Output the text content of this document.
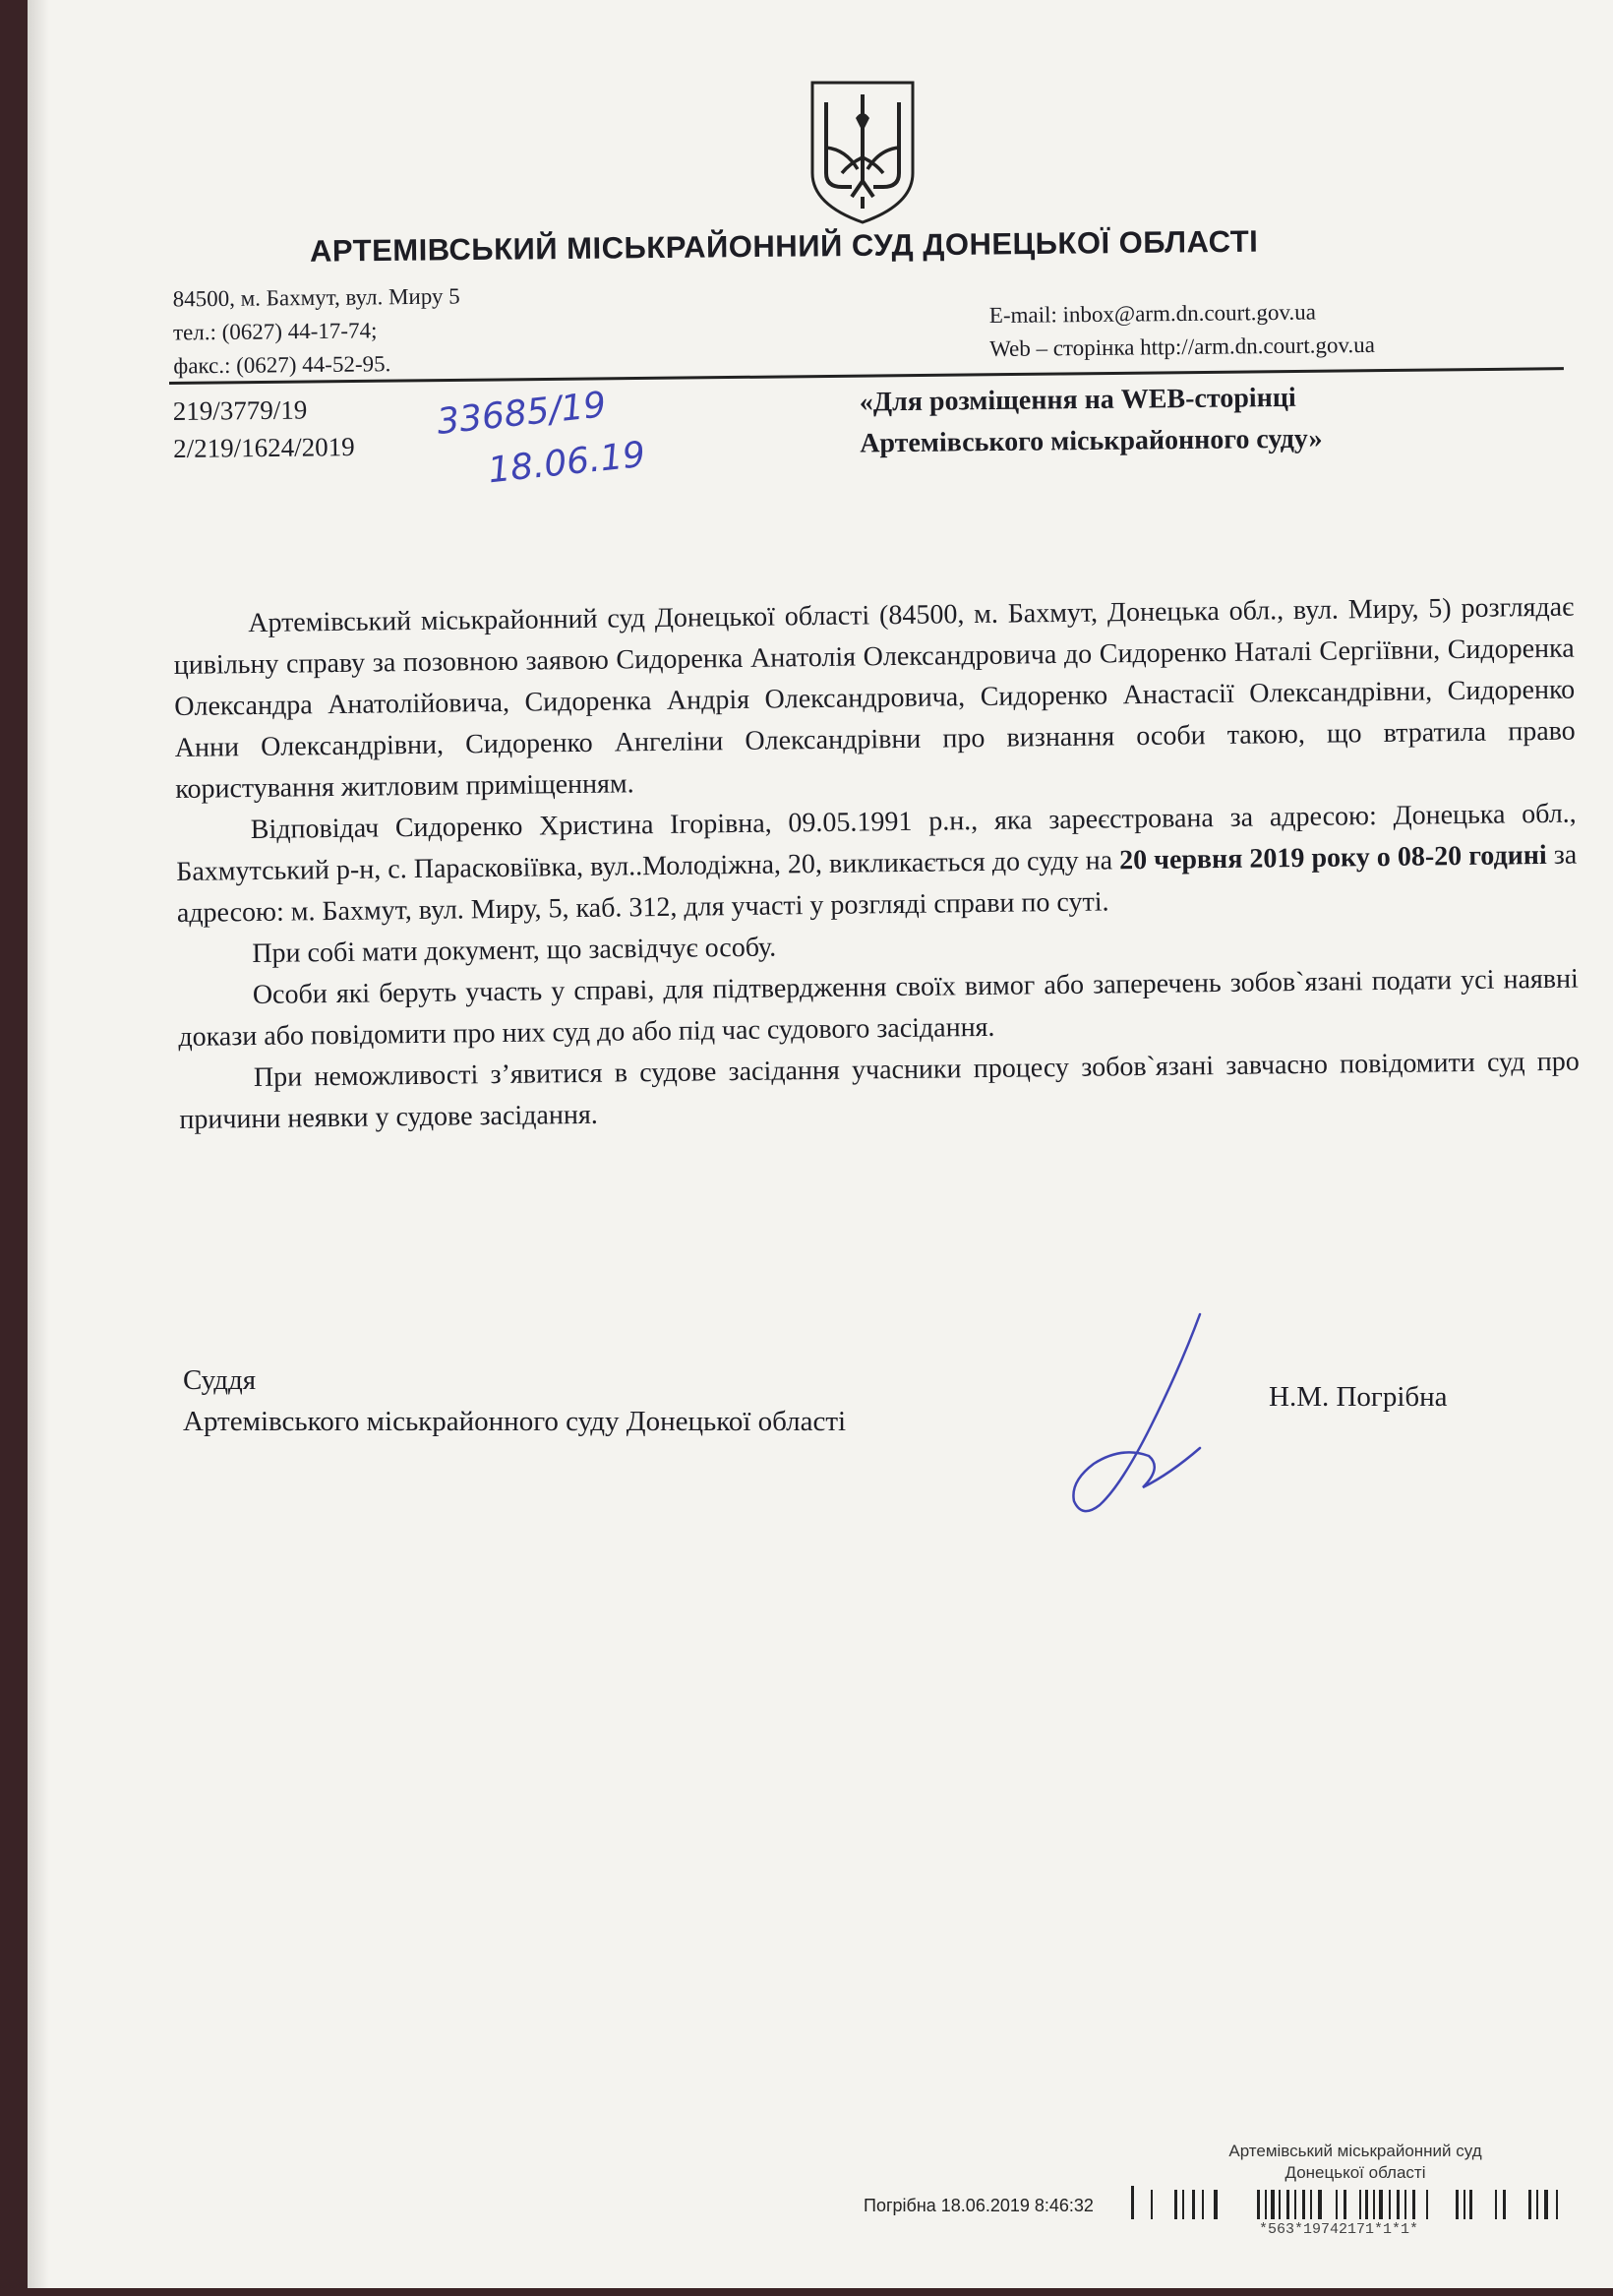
АРТЕМІВСЬКИЙ МІСЬКРАЙОННИЙ СУД ДОНЕЦЬКОЇ ОБЛАСТІ
84500, м. Бахмут, вул. Миру 5
тел.: (0627) 44-17-74;
факс.: (0627) 44-52-95.
E-mail: inbox@arm.dn.court.gov.ua
Web – сторінка http://arm.dn.court.gov.ua
219/3779/19
2/219/1624/2019
33685/19
18.06.19
«Для розміщення на WEB-сторінці
Артемівського міськрайонного суду»

Артемівський міськрайонний суд Донецької області (84500, м. Бахмут, Донецька обл., вул. Миру, 5) розглядає цивільну справу за позовною заявою Сидоренка Анатолія Олександровича до Сидоренко Наталі Сергіївни, Сидоренка Олександра Анатолійовича, Сидоренка Андрія Олександровича, Сидоренко Анастасії Олександрівни, Сидоренко Анни Олександрівни, Сидоренко Ангеліни Олександрівни про визнання особи такою, що втратила право користування житловим приміщенням.

Відповідач Сидоренко Христина Ігорівна, 09.05.1991 р.н., яка зареєстрована за адресою: Донецька обл., Бахмутський р-н, с. Парасковіївка, вул..Молодіжна, 20, викликається до суду на 20 червня 2019 року о 08-20 годині за адресою: м. Бахмут, вул. Миру, 5, каб. 312, для участі у розгляді справи по суті.

При собі мати документ, що засвідчує особу.

Особи які беруть участь у справі, для підтвердження своїх вимог або заперечень зобов`язані подати усі наявні докази або повідомити про них суд до або під час судового засідання.

При неможливості з’явитися в судове засідання учасники процесу зобов`язані завчасно повідомити суд про причини неявки у судове засідання.

Суддя
Артемівського міськрайонного суду Донецької області
Н.М. Погрібна
Артемівський міськрайонний суд
Донецької області
Погрібна 18.06.2019 8:46:32
*563*19742171*1*1*
